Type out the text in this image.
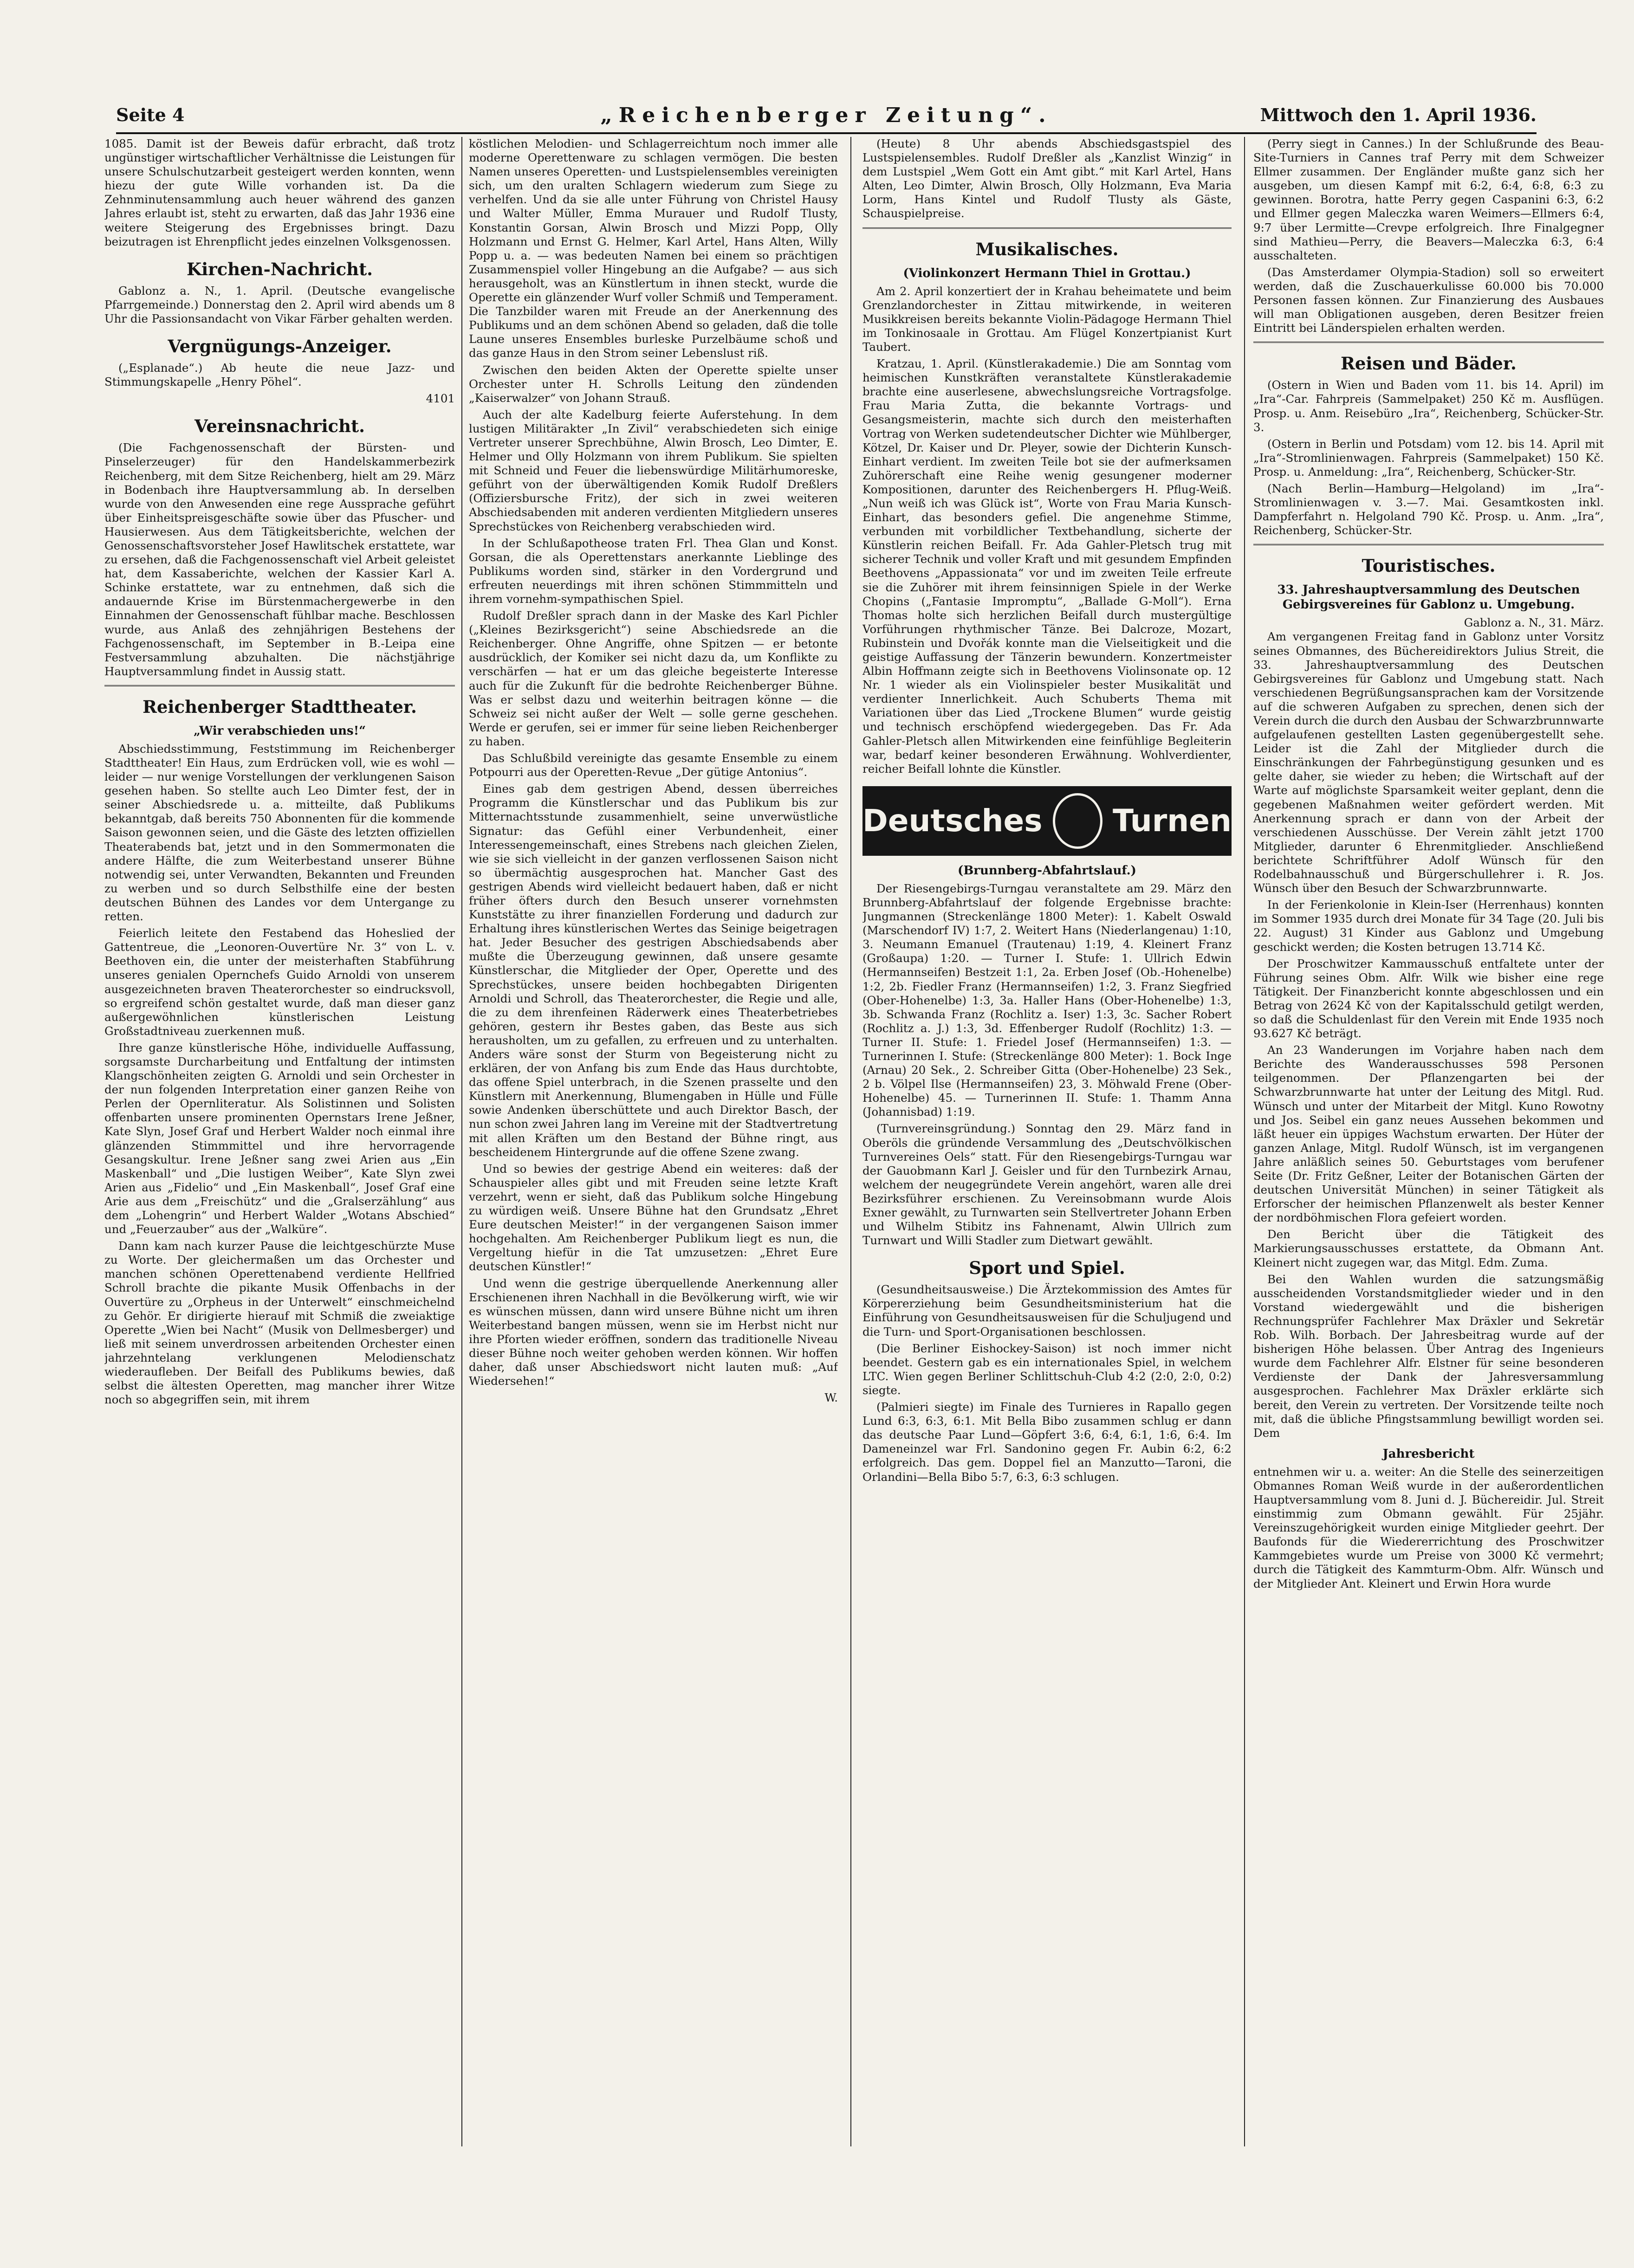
Seite 4	„Reichenberger Zeitung“.	Mittwoch den 1. April 1936.

1085. Damit ist der Beweis dafür erbracht, daß trotz ungünstiger wirtschaftlicher Verhältnisse die Leistungen für unsere Schulschutzarbeit gesteigert werden konnten, wenn hiezu der gute Wille vorhanden ist. Da die Zehnminutensammlung auch heuer während des ganzen Jahres erlaubt ist, steht zu erwarten, daß das Jahr 1936 eine weitere Steigerung des Ergebnisses bringt. Dazu beizutragen ist Ehrenpflicht jedes einzelnen Volksgenossen.

Kirchen-Nachricht.

Gablonz a. N., 1. April. (Deutsche evangelische Pfarrgemeinde.) Donnerstag den 2. April wird abends um 8 Uhr die Passionsandacht von Vikar Färber gehalten werden.

Vergnügungs-Anzeiger.

(„Esplanade“.) Ab heute die neue Jazz- und Stimmungskapelle „Henry Pöhel“.

4101
Vereinsnachricht.

(Die Fachgenossenschaft der Bürsten- und Pinselerzeuger) für den Handelskammerbezirk Reichenberg, mit dem Sitze Reichenberg, hielt am 29. März in Bodenbach ihre Hauptversammlung ab. In derselben wurde von den Anwesenden eine rege Aussprache geführt über Einheitspreisgeschäfte sowie über das Pfuscher- und Hausierwesen. Aus dem Tätigkeitsberichte, welchen der Genossenschaftsvorsteher Josef Hawlitschek erstattete, war zu ersehen, daß die Fachgenossenschaft viel Arbeit geleistet hat, dem Kassaberichte, welchen der Kassier Karl A. Schinke erstattete, war zu entnehmen, daß sich die andauernde Krise im Bürstenmachergewerbe in den Einnahmen der Genossenschaft fühlbar mache. Beschlossen wurde, aus Anlaß des zehnjährigen Bestehens der Fachgenossenschaft, im September in B.-Leipa eine Festversammlung abzuhalten. Die nächstjährige Hauptversammlung findet in Aussig statt.

Reichenberger Stadttheater.
„Wir verabschieden uns!“

Abschiedsstimmung, Feststimmung im Reichenberger Stadttheater! Ein Haus, zum Erdrücken voll, wie es wohl — leider — nur wenige Vorstellungen der verklungenen Saison gesehen haben. So stellte auch Leo Dimter fest, der in seiner Abschiedsrede u. a. mitteilte, daß Publikums bekanntgab, daß bereits 750 Abonnenten für die kommende Saison gewonnen seien, und die Gäste des letzten offiziellen Theaterabends bat, jetzt und in den Sommermonaten die andere Hälfte, die zum Weiterbestand unserer Bühne notwendig sei, unter Verwandten, Bekannten und Freunden zu werben und so durch Selbsthilfe eine der besten deutschen Bühnen des Landes vor dem Untergange zu retten.

Feierlich leitete den Festabend das Hoheslied der Gattentreue, die „Leonoren-Ouvertüre Nr. 3“ von L. v. Beethoven ein, die unter der meisterhaften Stabführung unseres genialen Opernchefs Guido Arnoldi von unserem ausgezeichneten braven Theaterorchester so eindrucksvoll, so ergreifend schön gestaltet wurde, daß man dieser ganz außergewöhnlichen künstlerischen Leistung Großstadtniveau zuerkennen muß.

Ihre ganze künstlerische Höhe, individuelle Auffassung, sorgsamste Durcharbeitung und Entfaltung der intimsten Klangschönheiten zeigten G. Arnoldi und sein Orchester in der nun folgenden Interpretation einer ganzen Reihe von Perlen der Opernliteratur. Als Solistinnen und Solisten offenbarten unsere prominenten Opernstars Irene Jeßner, Kate Slyn, Josef Graf und Herbert Walder noch einmal ihre glänzenden Stimmmittel und ihre hervorragende Gesangskultur. Irene Jeßner sang zwei Arien aus „Ein Maskenball“ und „Die lustigen Weiber“, Kate Slyn zwei Arien aus „Fidelio“ und „Ein Maskenball“, Josef Graf eine Arie aus dem „Freischütz“ und die „Gralserzählung“ aus dem „Lohengrin“ und Herbert Walder „Wotans Abschied“ und „Feuerzauber“ aus der „Walküre“.

Dann kam nach kurzer Pause die leichtgeschürzte Muse zu Worte. Der gleichermaßen um das Orchester und manchen schönen Operettenabend verdiente Hellfried Schroll brachte die pikante Musik Offenbachs in der Ouvertüre zu „Orpheus in der Unterwelt“ einschmeichelnd zu Gehör. Er dirigierte hierauf mit Schmiß die zweiaktige Operette „Wien bei Nacht“ (Musik von Dellmesberger) und ließ mit seinem unverdrossen arbeitenden Orchester einen jahrzehntelang verklungenen Melodienschatz wiederaufleben. Der Beifall des Publikums bewies, daß selbst die ältesten Operetten, mag mancher ihrer Witze noch so abgegriffen sein, mit ihrem

köstlichen Melodien- und Schlagerreichtum noch immer alle moderne Operettenware zu schlagen vermögen. Die besten Namen unseres Operetten- und Lustspielensembles vereinigten sich, um den uralten Schlagern wiederum zum Siege zu verhelfen. Und da sie alle unter Führung von Christel Hausy und Walter Müller, Emma Murauer und Rudolf Tlusty, Konstantin Gorsan, Alwin Brosch und Mizzi Popp, Olly Holzmann und Ernst G. Helmer, Karl Artel, Hans Alten, Willy Popp u. a. — was bedeuten Namen bei einem so prächtigen Zusammenspiel voller Hingebung an die Aufgabe? — aus sich herausgeholt, was an Künstlertum in ihnen steckt, wurde die Operette ein glänzender Wurf voller Schmiß und Temperament. Die Tanzbilder waren mit Freude an der Anerkennung des Publikums und an dem schönen Abend so geladen, daß die tolle Laune unseres Ensembles burleske Purzelbäume schoß und das ganze Haus in den Strom seiner Lebenslust riß.

Zwischen den beiden Akten der Operette spielte unser Orchester unter H. Schrolls Leitung den zündenden „Kaiserwalzer“ von Johann Strauß.

Auch der alte Kadelburg feierte Auferstehung. In dem lustigen Militärakter „In Zivil“ verabschiedeten sich einige Vertreter unserer Sprechbühne, Alwin Brosch, Leo Dimter, E. Helmer und Olly Holzmann von ihrem Publikum. Sie spielten mit Schneid und Feuer die liebenswürdige Militärhumoreske, geführt von der überwältigenden Komik Rudolf Dreßlers (Offiziersbursche Fritz), der sich in zwei weiteren Abschiedsabenden mit anderen verdienten Mitgliedern unseres Sprechstückes von Reichenberg verabschieden wird.

In der Schlußapotheose traten Frl. Thea Glan und Konst. Gorsan, die als Operettenstars anerkannte Lieblinge des Publikums worden sind, stärker in den Vordergrund und erfreuten neuerdings mit ihren schönen Stimmmitteln und ihrem vornehm-sympathischen Spiel.

Rudolf Dreßler sprach dann in der Maske des Karl Pichler („Kleines Bezirksgericht“) seine Abschiedsrede an die Reichenberger. Ohne Angriffe, ohne Spitzen — er betonte ausdrücklich, der Komiker sei nicht dazu da, um Konflikte zu verschärfen — hat er um das gleiche begeisterte Interesse auch für die Zukunft für die bedrohte Reichenberger Bühne. Was er selbst dazu und weiterhin beitragen könne — die Schweiz sei nicht außer der Welt — solle gerne geschehen. Werde er gerufen, sei er immer für seine lieben Reichenberger zu haben.

Das Schlußbild vereinigte das gesamte Ensemble zu einem Potpourri aus der Operetten-Revue „Der gütige Antonius“.

Eines gab dem gestrigen Abend, dessen überreiches Programm die Künstlerschar und das Publikum bis zur Mitternachtsstunde zusammenhielt, seine unverwüstliche Signatur: das Gefühl einer Verbundenheit, einer Interessengemeinschaft, eines Strebens nach gleichen Zielen, wie sie sich vielleicht in der ganzen verflossenen Saison nicht so übermächtig ausgesprochen hat. Mancher Gast des gestrigen Abends wird vielleicht bedauert haben, daß er nicht früher öfters durch den Besuch unserer vornehmsten Kunststätte zu ihrer finanziellen Forderung und dadurch zur Erhaltung ihres künstlerischen Wertes das Seinige beigetragen hat. Jeder Besucher des gestrigen Abschiedsabends aber mußte die Überzeugung gewinnen, daß unsere gesamte Künstlerschar, die Mitglieder der Oper, Operette und des Sprechstückes, unsere beiden hochbegabten Dirigenten Arnoldi und Schroll, das Theaterorchester, die Regie und alle, die zu dem ihrenfeinen Räderwerk eines Theaterbetriebes gehören, gestern ihr Bestes gaben, das Beste aus sich herausholten, um zu gefallen, zu erfreuen und zu unterhalten. Anders wäre sonst der Sturm von Begeisterung nicht zu erklären, der von Anfang bis zum Ende das Haus durchtobte, das offene Spiel unterbrach, in die Szenen prasselte und den Künstlern mit Anerkennung, Blumengaben in Hülle und Fülle sowie Andenken überschüttete und auch Direktor Basch, der nun schon zwei Jahren lang im Vereine mit der Stadtvertretung mit allen Kräften um den Bestand der Bühne ringt, aus bescheidenem Hintergrunde auf die offene Szene zwang.

Und so bewies der gestrige Abend ein weiteres: daß der Schauspieler alles gibt und mit Freuden seine letzte Kraft verzehrt, wenn er sieht, daß das Publikum solche Hingebung zu würdigen weiß. Unsere Bühne hat den Grundsatz „Ehret Eure deutschen Meister!“ in der vergangenen Saison immer hochgehalten. Am Reichenberger Publikum liegt es nun, die Vergeltung hiefür in die Tat umzusetzen: „Ehret Eure deutschen Künstler!“

Und wenn die gestrige überquellende Anerkennung aller Erschienenen ihren Nachhall in die Bevölkerung wirft, wie wir es wünschen müssen, dann wird unsere Bühne nicht um ihren Weiterbestand bangen müssen, wenn sie im Herbst nicht nur ihre Pforten wieder eröffnen, sondern das traditionelle Niveau dieser Bühne noch weiter gehoben werden können. Wir hoffen daher, daß unser Abschiedswort nicht lauten muß: „Auf Wiedersehen!“

W.

(Heute) 8 Uhr abends Abschiedsgastspiel des Lustspielensembles. Rudolf Dreßler als „Kanzlist Winzig“ in dem Lustspiel „Wem Gott ein Amt gibt.“ mit Karl Artel, Hans Alten, Leo Dimter, Alwin Brosch, Olly Holzmann, Eva Maria Lorm, Hans Kintel und Rudolf Tlusty als Gäste, Schauspielpreise.

Musikalisches.
(Violinkonzert Hermann Thiel in Grottau.)

Am 2. April konzertiert der in Krahau beheimatete und beim Grenzlandorchester in Zittau mitwirkende, in weiteren Musikkreisen bereits bekannte Violin-Pädagoge Hermann Thiel im Tonkinosaale in Grottau. Am Flügel Konzertpianist Kurt Taubert.

Kratzau, 1. April. (Künstlerakademie.) Die am Sonntag vom heimischen Kunstkräften veranstaltete Künstlerakademie brachte eine auserlesene, abwechslungsreiche Vortragsfolge. Frau Maria Zutta, die bekannte Vortrags- und Gesangsmeisterin, machte sich durch den meisterhaften Vortrag von Werken sudetendeutscher Dichter wie Mühlberger, Kötzel, Dr. Kaiser und Dr. Pleyer, sowie der Dichterin Kunsch-Einhart verdient. Im zweiten Teile bot sie der aufmerksamen Zuhörerschaft eine Reihe wenig gesungener moderner Kompositionen, darunter des Reichenbergers H. Pflug-Weiß. „Nun weiß ich was Glück ist“, Worte von Frau Maria Kunsch-Einhart, das besonders gefiel. Die angenehme Stimme, verbunden mit vorbildlicher Textbehandlung, sicherte der Künstlerin reichen Beifall. Fr. Ada Gahler-Pletsch trug mit sicherer Technik und voller Kraft und mit gesundem Empfinden Beethovens „Appassionata“ vor und im zweiten Teile erfreute sie die Zuhörer mit ihrem feinsinnigen Spiele in der Werke Chopins („Fantasie Impromptu“, „Ballade G-Moll“). Erna Thomas holte sich herzlichen Beifall durch mustergültige Vorführungen rhythmischer Tänze. Bei Dalcroze, Mozart, Rubinstein und Dvořák konnte man die Vielseitigkeit und die geistige Auffassung der Tänzerin bewundern. Konzertmeister Albin Hoffmann zeigte sich in Beethovens Violinsonate op. 12 Nr. 1 wieder als ein Violinspieler bester Musikalität und verdienter Innerlichkeit. Auch Schuberts Thema mit Variationen über das Lied „Trockene Blumen“ wurde geistig und technisch erschöpfend wiedergegeben. Das Fr. Ada Gahler-Pletsch allen Mitwirkenden eine feinfühlige Begleiterin war, bedarf keiner besonderen Erwähnung. Wohlverdienter, reicher Beifall lohnte die Künstler.

Deutsches Turnen
(Brunnberg-Abfahrtslauf.)

Der Riesengebirgs-Turngau veranstaltete am 29. März den Brunnberg-Abfahrtslauf der folgende Ergebnisse brachte: Jungmannen (Streckenlänge 1800 Meter): 1. Kabelt Oswald (Marschendorf IV) 1:7, 2. Weitert Hans (Niederlangenau) 1:10, 3. Neumann Emanuel (Trautenau) 1:19, 4. Kleinert Franz (Großaupa) 1:20. — Turner I. Stufe: 1. Ullrich Edwin (Hermannseifen) Bestzeit 1:1, 2a. Erben Josef (Ob.-Hohenelbe) 1:2, 2b. Fiedler Franz (Hermannseifen) 1:2, 3. Franz Siegfried (Ober-Hohenelbe) 1:3, 3a. Haller Hans (Ober-Hohenelbe) 1:3, 3b. Schwanda Franz (Rochlitz a. Iser) 1:3, 3c. Sacher Robert (Rochlitz a. J.) 1:3, 3d. Effenberger Rudolf (Rochlitz) 1:3. — Turner II. Stufe: 1. Friedel Josef (Hermannseifen) 1:3. — Turnerinnen I. Stufe: (Streckenlänge 800 Meter): 1. Bock Inge (Arnau) 20 Sek., 2. Schreiber Gitta (Ober-Hohenelbe) 23 Sek., 2 b. Völpel Ilse (Hermannseifen) 23, 3. Möhwald Frene (Ober-Hohenelbe) 45. — Turnerinnen II. Stufe: 1. Thamm Anna (Johannisbad) 1:19.

(Turnvereinsgründung.) Sonntag den 29. März fand in Oberöls die gründende Versammlung des „Deutschvölkischen Turnvereines Oels“ statt. Für den Riesengebirgs-Turngau war der Gauobmann Karl J. Geisler und für den Turnbezirk Arnau, welchem der neugegründete Verein angehört, waren alle drei Bezirksführer erschienen. Zu Vereinsobmann wurde Alois Exner gewählt, zu Turnwarten sein Stellvertreter Johann Erben und Wilhelm Stibitz ins Fahnenamt, Alwin Ullrich zum Turnwart und Willi Stadler zum Dietwart gewählt.

Sport und Spiel.

(Gesundheitsausweise.) Die Ärztekommission des Amtes für Körpererziehung beim Gesundheitsministerium hat die Einführung von Gesundheitsausweisen für die Schuljugend und die Turn- und Sport-Organisationen beschlossen.

(Die Berliner Eishockey-Saison) ist noch immer nicht beendet. Gestern gab es ein internationales Spiel, in welchem LTC. Wien gegen Berliner Schlittschuh-Club 4:2 (2:0, 2:0, 0:2) siegte.

(Palmieri siegte) im Finale des Turnieres in Rapallo gegen Lund 6:3, 6:3, 6:1. Mit Bella Bibo zusammen schlug er dann das deutsche Paar Lund—Göpfert 3:6, 6:4, 6:1, 1:6, 6:4. Im Dameneinzel war Frl. Sandonino gegen Fr. Aubin 6:2, 6:2 erfolgreich. Das gem. Doppel fiel an Manzutto—Taroni, die Orlandini—Bella Bibo 5:7, 6:3, 6:3 schlugen.

(Perry siegt in Cannes.) In der Schlußrunde des Beau-Site-Turniers in Cannes traf Perry mit dem Schweizer Ellmer zusammen. Der Engländer mußte ganz sich her ausgeben, um diesen Kampf mit 6:2, 6:4, 6:8, 6:3 zu gewinnen. Borotra, hatte Perry gegen Caspanini 6:3, 6:2 und Ellmer gegen Maleczka waren Weimers—Ellmers 6:4, 9:7 über Lermitte—Crevpe erfolgreich. Ihre Finalgegner sind Mathieu—Perry, die Beavers—Maleczka 6:3, 6:4 ausschalteten.

(Das Amsterdamer Olympia-Stadion) soll so erweitert werden, daß die Zuschauerkulisse 60.000 bis 70.000 Personen fassen können. Zur Finanzierung des Ausbaues will man Obligationen ausgeben, deren Besitzer freien Eintritt bei Länderspielen erhalten werden.

Reisen und Bäder.

(Ostern in Wien und Baden vom 11. bis 14. April) im „Ira“-Car. Fahrpreis (Sammelpaket) 250 Kč m. Ausflügen. Prosp. u. Anm. Reisebüro „Ira“, Reichenberg, Schücker-Str. 3.

(Ostern in Berlin und Potsdam) vom 12. bis 14. April mit „Ira“-Stromlinienwagen. Fahrpreis (Sammelpaket) 150 Kč. Prosp. u. Anmeldung: „Ira“, Reichenberg, Schücker-Str.

(Nach Berlin—Hamburg—Helgoland) im „Ira“-Stromlinienwagen v. 3.—7. Mai. Gesamtkosten inkl. Dampferfahrt n. Helgoland 790 Kč. Prosp. u. Anm. „Ira“, Reichenberg, Schücker-Str.

Touristisches.
33. Jahreshauptversammlung des Deutschen Gebirgsvereines für Gablonz u. Umgebung.
Gablonz a. N., 31. März.

Am vergangenen Freitag fand in Gablonz unter Vorsitz seines Obmannes, des Büchereidirektors Julius Streit, die 33. Jahreshauptversammlung des Deutschen Gebirgsvereines für Gablonz und Umgebung statt. Nach verschiedenen Begrüßungsansprachen kam der Vorsitzende auf die schweren Aufgaben zu sprechen, denen sich der Verein durch die durch den Ausbau der Schwarzbrunnwarte aufgelaufenen gestellten Lasten gegenübergestellt sehe. Leider ist die Zahl der Mitglieder durch die Einschränkungen der Fahrbegünstigung gesunken und es gelte daher, sie wieder zu heben; die Wirtschaft auf der Warte auf möglichste Sparsamkeit weiter geplant, denn die gegebenen Maßnahmen weiter gefördert werden. Mit Anerkennung sprach er dann von der Arbeit der verschiedenen Ausschüsse. Der Verein zählt jetzt 1700 Mitglieder, darunter 6 Ehrenmitglieder. Anschließend berichtete Schriftführer Adolf Wünsch für den Rodelbahnausschuß und Bürgerschullehrer i. R. Jos. Wünsch über den Besuch der Schwarzbrunnwarte.

In der Ferienkolonie in Klein-Iser (Herrenhaus) konnten im Sommer 1935 durch drei Monate für 34 Tage (20. Juli bis 22. August) 31 Kinder aus Gablonz und Umgebung geschickt werden; die Kosten betrugen 13.714 Kč.

Der Proschwitzer Kammausschuß entfaltete unter der Führung seines Obm. Alfr. Wilk wie bisher eine rege Tätigkeit. Der Finanzbericht konnte abgeschlossen und ein Betrag von 2624 Kč von der Kapitalsschuld getilgt werden, so daß die Schuldenlast für den Verein mit Ende 1935 noch 93.627 Kč beträgt.

An 23 Wanderungen im Vorjahre haben nach dem Berichte des Wanderausschusses 598 Personen teilgenommen. Der Pflanzengarten bei der Schwarzbrunnwarte hat unter der Leitung des Mitgl. Rud. Wünsch und unter der Mitarbeit der Mitgl. Kuno Rowotny und Jos. Seibel ein ganz neues Aussehen bekommen und läßt heuer ein üppiges Wachstum erwarten. Der Hüter der ganzen Anlage, Mitgl. Rudolf Wünsch, ist im vergangenen Jahre anläßlich seines 50. Geburtstages vom berufener Seite (Dr. Fritz Geßner, Leiter der Botanischen Gärten der deutschen Universität München) in seiner Tätigkeit als Erforscher der heimischen Pflanzenwelt als bester Kenner der nordböhmischen Flora gefeiert worden.

Den Bericht über die Tätigkeit des Markierungsausschusses erstattete, da Obmann Ant. Kleinert nicht zugegen war, das Mitgl. Edm. Zuma.

Bei den Wahlen wurden die satzungsmäßig ausscheidenden Vorstandsmitglieder wieder und in den Vorstand wiedergewählt und die bisherigen Rechnungsprüfer Fachlehrer Max Dräxler und Sekretär Rob. Wilh. Borbach. Der Jahresbeitrag wurde auf der bisherigen Höhe belassen. Über Antrag des Ingenieurs wurde dem Fachlehrer Alfr. Elstner für seine besonderen Verdienste der Dank der Jahresversammlung ausgesprochen. Fachlehrer Max Dräxler erklärte sich bereit, den Verein zu vertreten. Der Vorsitzende teilte noch mit, daß die übliche Pfingstsammlung bewilligt worden sei. Dem

Jahresbericht

entnehmen wir u. a. weiter: An die Stelle des seinerzeitigen Obmannes Roman Weiß wurde in der außerordentlichen Hauptversammlung vom 8. Juni d. J. Büchereidir. Jul. Streit einstimmig zum Obmann gewählt. Für 25jähr. Vereinszugehörigkeit wurden einige Mitglieder geehrt. Der Baufonds für die Wiedererrichtung des Proschwitzer Kammgebietes wurde um Preise von 3000 Kč vermehrt; durch die Tätigkeit des Kammturm-Obm. Alfr. Wünsch und der Mitglieder Ant. Kleinert und Erwin Hora wurde
